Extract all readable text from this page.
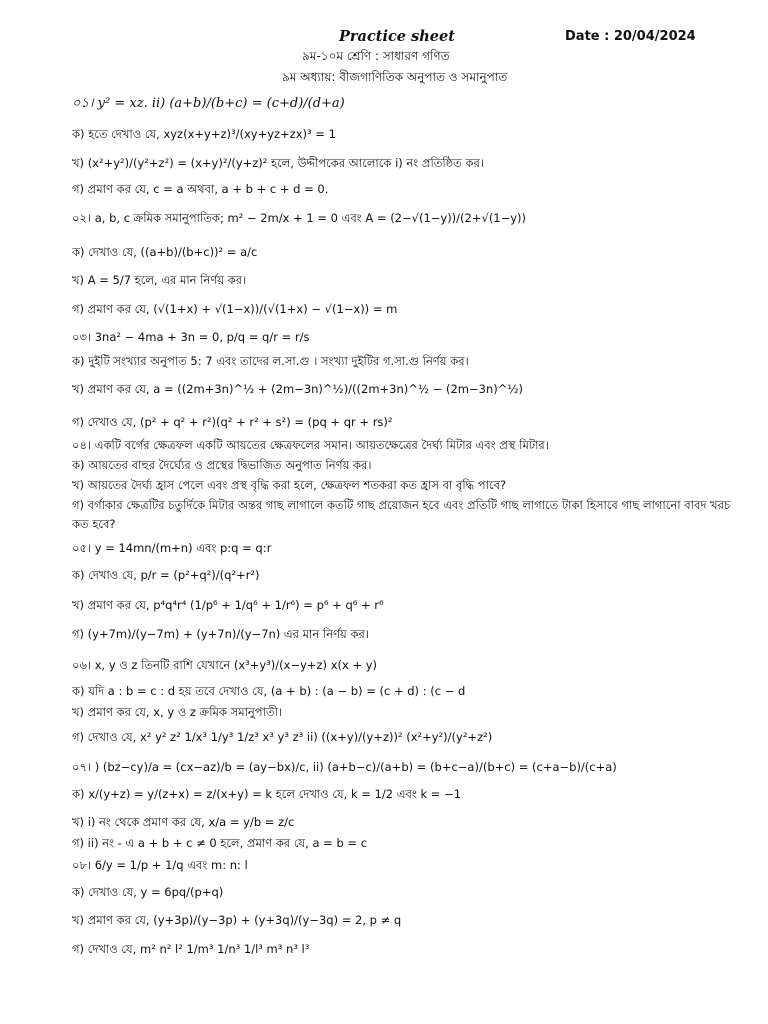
Practice sheet	Date : 20/04/2024
৯ম-১০ম শ্রেণি : সাধারণ গণিত
৯ম অধ্যায়: বীজগাণিতিক অনুপাত ও সমানুপাত
০১। y² = xz. ii) (a+b)/(b+c) = (c+d)/(d+a)
ক) হতে দেখাও যে, xyz(x+y+z)³/(xy+yz+zx)³ = 1
খ) (x²+y²)/(y²+z²) = (x+y)²/(y+z)² হলে, উদ্দীপকের আলোকে i) নং প্রতিষ্ঠিত কর।
গ) প্রমাণ কর যে, c = a অথবা, a + b + c + d = 0.
০২। a, b, c ক্রমিক সমানুপাতিক; m² − 2m/x + 1 = 0 এবং A = (2−√(1−y))/(2+√(1−y))
ক) দেখাও যে, ((a+b)/(b+c))² = a/c
খ) A = 5/7 হলে, এর মান নির্ণয় কর।
গ) প্রমাণ কর যে, (√(1+x) + √(1−x))/(√(1+x) − √(1−x)) = m
০৩। 3na² − 4ma + 3n = 0, p/q = q/r = r/s
ক) দুইটি সংখ্যার অনুপাত 5: 7 এবং তাদের ল.সা.গু । সংখ্যা দুইটির গ.সা.গু নির্ণয় কর।
খ) প্রমাণ কর যে, a = ((2m+3n)^½ + (2m−3n)^½)/((2m+3n)^½ − (2m−3n)^½)
গ) দেখাও যে, (p² + q² + r²)(q² + r² + s²) = (pq + qr + rs)²
০৪। একটি বর্গের ক্ষেত্রফল একটি আয়তের ক্ষেত্রফলের সমান। আয়তক্ষেত্রের দৈর্ঘ্য মিটার এবং প্রস্থ মিটার।
ক) আয়তের বাহুর দৈর্ঘ্যের ও প্রস্থের দ্বিভাজিত অনুপাত নির্ণয় কর।
খ) আয়তের দৈর্ঘ্য হ্রাস পেলে এবং প্রস্থ বৃদ্ধি করা হলে, ক্ষেত্রফল শতকরা কত হ্রাস বা বৃদ্ধি পাবে?
গ) বর্গাকার ক্ষেত্রটির চতুর্দিকে মিটার অন্তর গাছ লাগালে কতটি গাছ প্রয়োজন হবে এবং প্রতিটি গাছ লাগাতে টাকা হিসাবে গাছ লাগানো বাবদ খরচ
কত হবে?
০৫। y = 14mn/(m+n) এবং p:q = q:r
ক) দেখাও যে, p/r = (p²+q²)/(q²+r²)
খ) প্রমাণ কর যে, p⁴q⁴r⁴ (1/p⁶ + 1/q⁶ + 1/r⁶) = p⁶ + q⁶ + r⁶
গ) (y+7m)/(y−7m) + (y+7n)/(y−7n) এর মান নির্ণয় কর।
০৬। x, y ও z তিনটি রাশি যেখানে (x³+y³)/(x−y+z) x(x + y)
ক) যদি a : b = c : d হয় তবে দেখাও যে, (a + b) : (a − b) = (c + d) : (c − d
খ) প্রমাণ কর যে, x, y ও z ক্রমিক সমানুপাতী।
গ) দেখাও যে, x² y² z² 1/x³ 1/y³ 1/z³ x³ y³ z³ ii) ((x+y)/(y+z))² (x²+y²)/(y²+z²)
০৭। ) (bz−cy)/a = (cx−az)/b = (ay−bx)/c, ii) (a+b−c)/(a+b) = (b+c−a)/(b+c) = (c+a−b)/(c+a)
ক) x/(y+z) = y/(z+x) = z/(x+y) = k হলে দেখাও যে, k = 1/2 এবং k = −1
খ) i) নং থেকে প্রমাণ কর যে, x/a = y/b = z/c
গ) ii) নং - এ a + b + c ≠ 0 হলে, প্রমাণ কর যে, a = b = c
০৮। 6/y = 1/p + 1/q এবং m: n: l
ক) দেখাও যে, y = 6pq/(p+q)
খ) প্রমাণ কর যে, (y+3p)/(y−3p) + (y+3q)/(y−3q) = 2, p ≠ q
গ) দেখাও যে, m² n² l² 1/m³ 1/n³ 1/l³ m³ n³ l³
